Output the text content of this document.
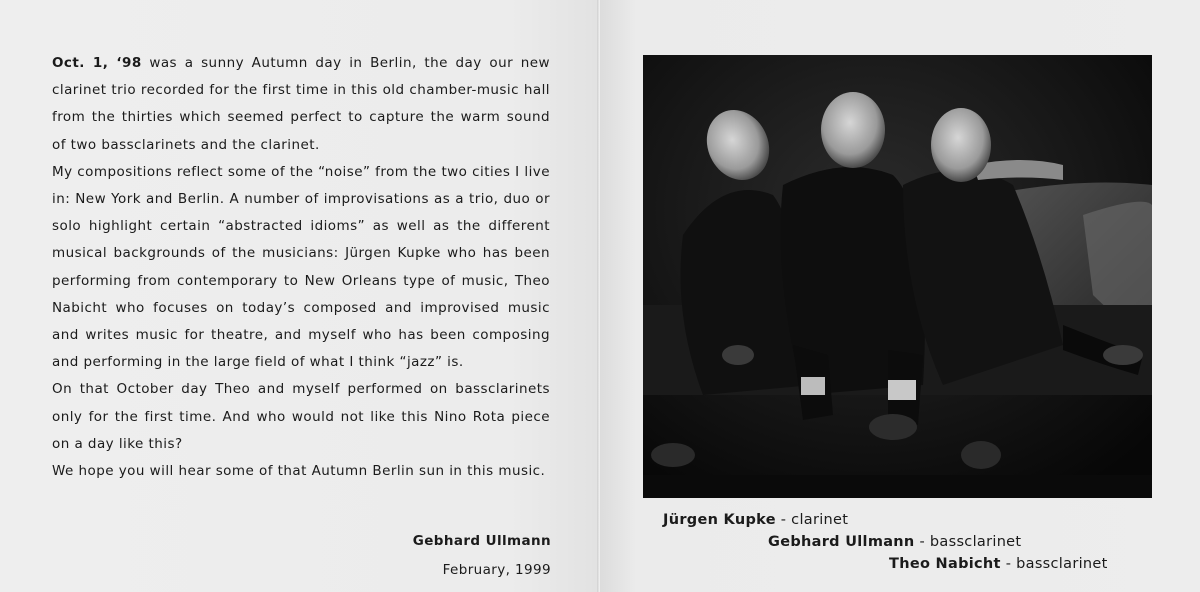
Oct. 1, ‘98 was a sunny Autumn day in Berlin, the day our new clarinet trio recorded for the first time in this old chamber-music hall from the thirties which seemed perfect to capture the warm sound of two bassclarinets and the clarinet.

My compositions reflect some of the “noise” from the two cities I live in: New York and Berlin. A number of improvisations as a trio, duo or solo highlight certain “abstracted idioms” as well as the different musical backgrounds of the musicians: Jürgen Kupke who has been performing from contemporary to New Orleans type of music, Theo Nabicht who focuses on today’s composed and improvised music and writes music for theatre, and myself who has been composing and performing in the large field of what I think “jazz” is.

On that October day Theo and myself performed on bassclarinets only for the first time. And who would not like this Nino Rota piece on a day like this?

We hope you will hear some of that Autumn Berlin sun in this music.

Gebhard Ullmann
February, 1999
Jürgen Kupke - clarinet
Gebhard Ullmann - bassclarinet
Theo Nabicht - bassclarinet
